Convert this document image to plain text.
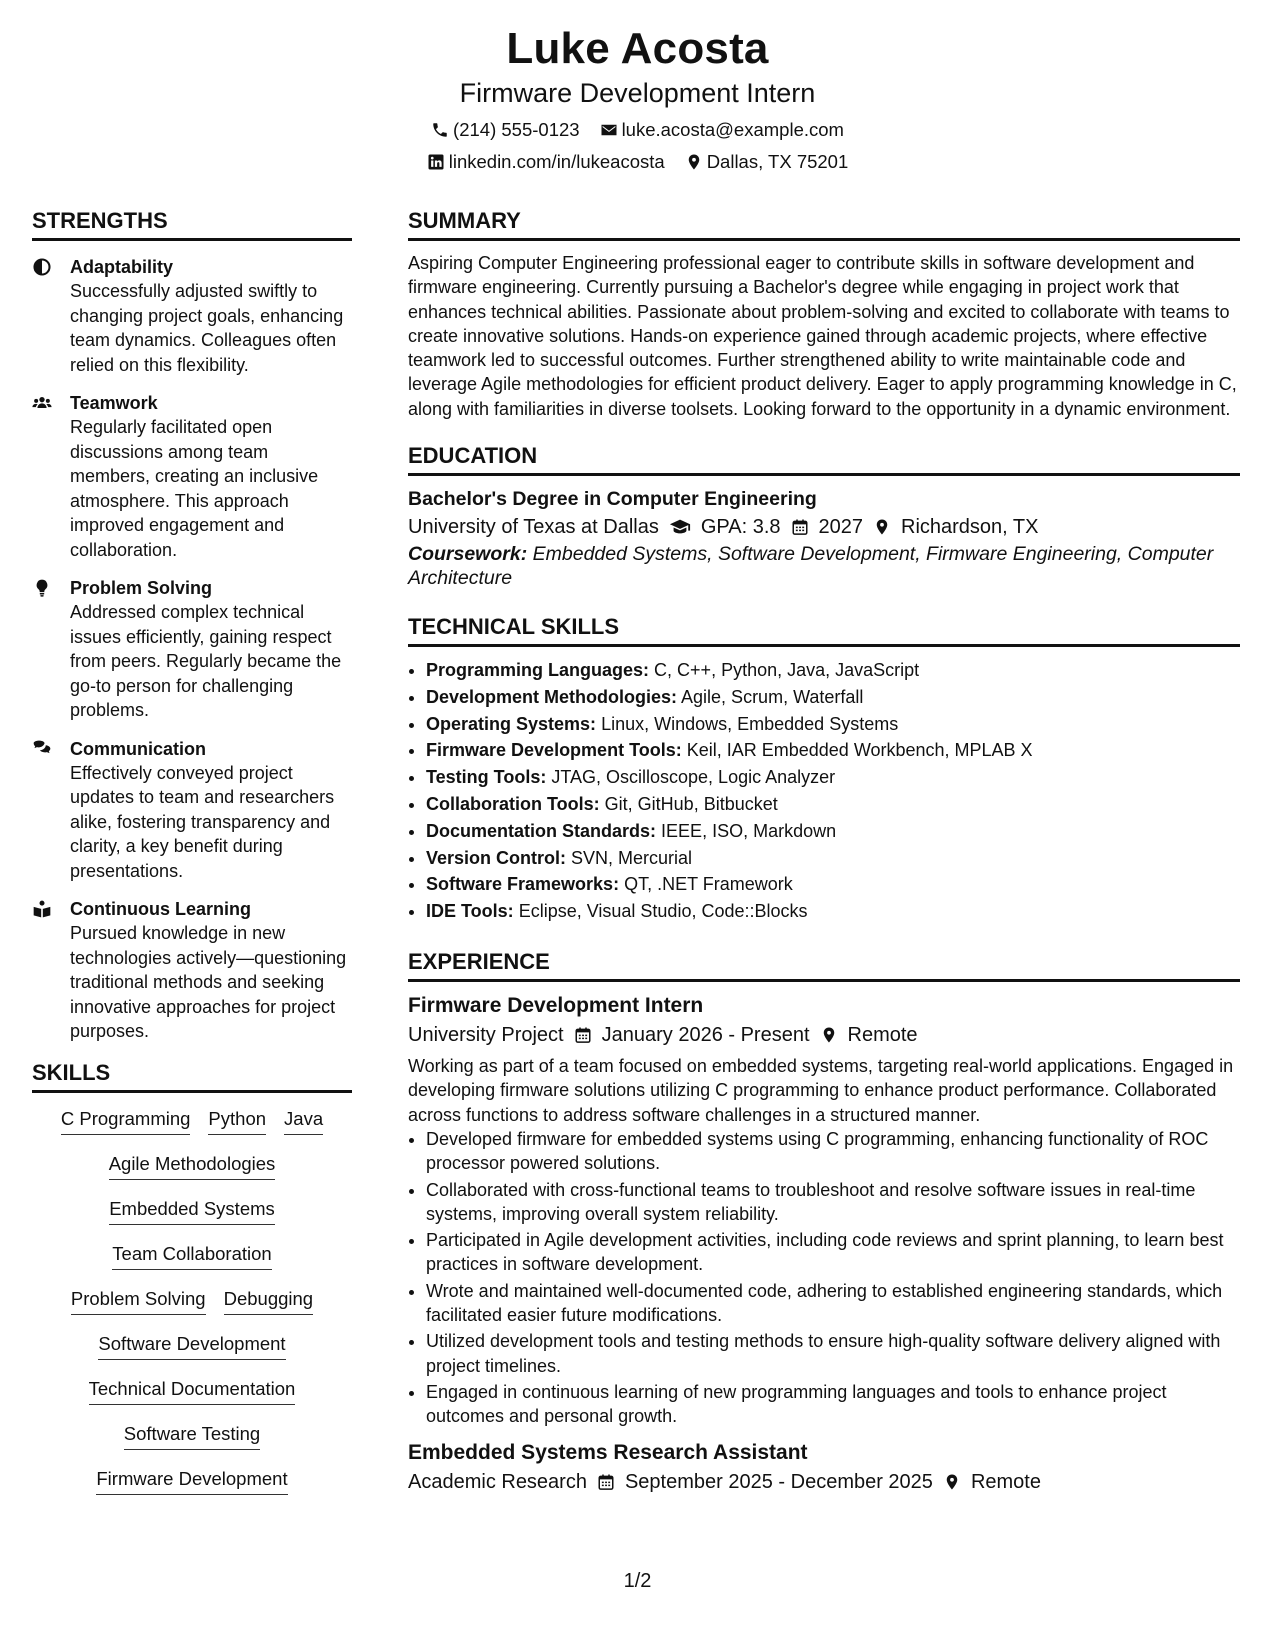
Luke Acosta
Firmware Development Intern
(214) 555-0123 luke.acosta@example.com
linkedin.com/in/lukeacosta Dallas, TX 75201
STRENGTHS
Adaptability
Successfully adjusted swiftly to changing project goals, enhancing team dynamics. Colleagues often relied on this flexibility.
Teamwork
Regularly facilitated open discussions among team members, creating an inclusive atmosphere. This approach improved engagement and collaboration.
Problem Solving
Addressed complex technical issues efficiently, gaining respect from peers. Regularly became the go-to person for challenging problems.
Communication
Effectively conveyed project updates to team and researchers alike, fostering transparency and clarity, a key benefit during presentations.
Continuous Learning
Pursued knowledge in new technologies actively—questioning traditional methods and seeking innovative approaches for project purposes.
SKILLS
C Programming Python Java
Agile Methodologies
Embedded Systems
Team Collaboration
Problem Solving Debugging
Software Development
Technical Documentation
Software Testing
Firmware Development
SUMMARY
Aspiring Computer Engineering professional eager to contribute skills in software development and firmware engineering. Currently pursuing a Bachelor's degree while engaging in project work that enhances technical abilities. Passionate about problem-solving and excited to collaborate with teams to create innovative solutions. Hands-on experience gained through academic projects, where effective teamwork led to successful outcomes. Further strengthened ability to write maintainable code and leverage Agile methodologies for efficient product delivery. Eager to apply programming knowledge in C, along with familiarities in diverse toolsets. Looking forward to the opportunity in a dynamic environment.
EDUCATION
Bachelor's Degree in Computer Engineering
University of Texas at Dallas GPA: 3.8 2027 Richardson, TX
Coursework: Embedded Systems, Software Development, Firmware Engineering, Computer Architecture
TECHNICAL SKILLS
• Programming Languages: C, C++, Python, Java, JavaScript
• Development Methodologies: Agile, Scrum, Waterfall
• Operating Systems: Linux, Windows, Embedded Systems
• Firmware Development Tools: Keil, IAR Embedded Workbench, MPLAB X
• Testing Tools: JTAG, Oscilloscope, Logic Analyzer
• Collaboration Tools: Git, GitHub, Bitbucket
• Documentation Standards: IEEE, ISO, Markdown
• Version Control: SVN, Mercurial
• Software Frameworks: QT, .NET Framework
• IDE Tools: Eclipse, Visual Studio, Code::Blocks
EXPERIENCE
Firmware Development Intern
University Project January 2026 - Present Remote
Working as part of a team focused on embedded systems, targeting real-world applications. Engaged in developing firmware solutions utilizing C programming to enhance product performance. Collaborated across functions to address software challenges in a structured manner.
• Developed firmware for embedded systems using C programming, enhancing functionality of ROC processor powered solutions.
• Collaborated with cross-functional teams to troubleshoot and resolve software issues in real-time systems, improving overall system reliability.
• Participated in Agile development activities, including code reviews and sprint planning, to learn best practices in software development.
• Wrote and maintained well-documented code, adhering to established engineering standards, which facilitated easier future modifications.
• Utilized development tools and testing methods to ensure high-quality software delivery aligned with project timelines.
• Engaged in continuous learning of new programming languages and tools to enhance project outcomes and personal growth.
Embedded Systems Research Assistant
Academic Research September 2025 - December 2025 Remote
1/2
